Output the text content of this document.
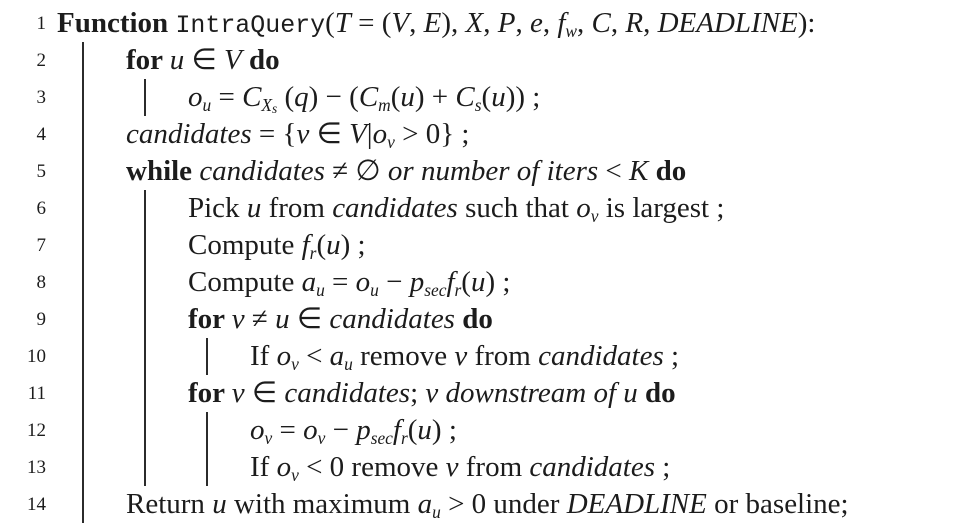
1 Function IntraQuery(T = (V, E), X, P, e, fw, C, R, DEADLINE):
2	for u ∈ V do
3	ou = $CX_s$ (q) − (Cm(u) + Cs(u)) ;
4	candidates = {v ∈ V|ov > 0} ;
5	while candidates ≠ ∅ or number of iters < K do
6	Pick u from candidates such that ov is largest ;
7	Compute fr(u) ;
8	Compute au = ou − psecfr(u) ;
9	for v ≠ u ∈ candidates do
10	If ov < au remove v from candidates ;
11	for v ∈ candidates; v downstream of u do
12	ov = ov − psecfr(u) ;
13	If ov < 0 remove v from candidates ;
14	Return u with maximum au > 0 under DEADLINE or baseline;
